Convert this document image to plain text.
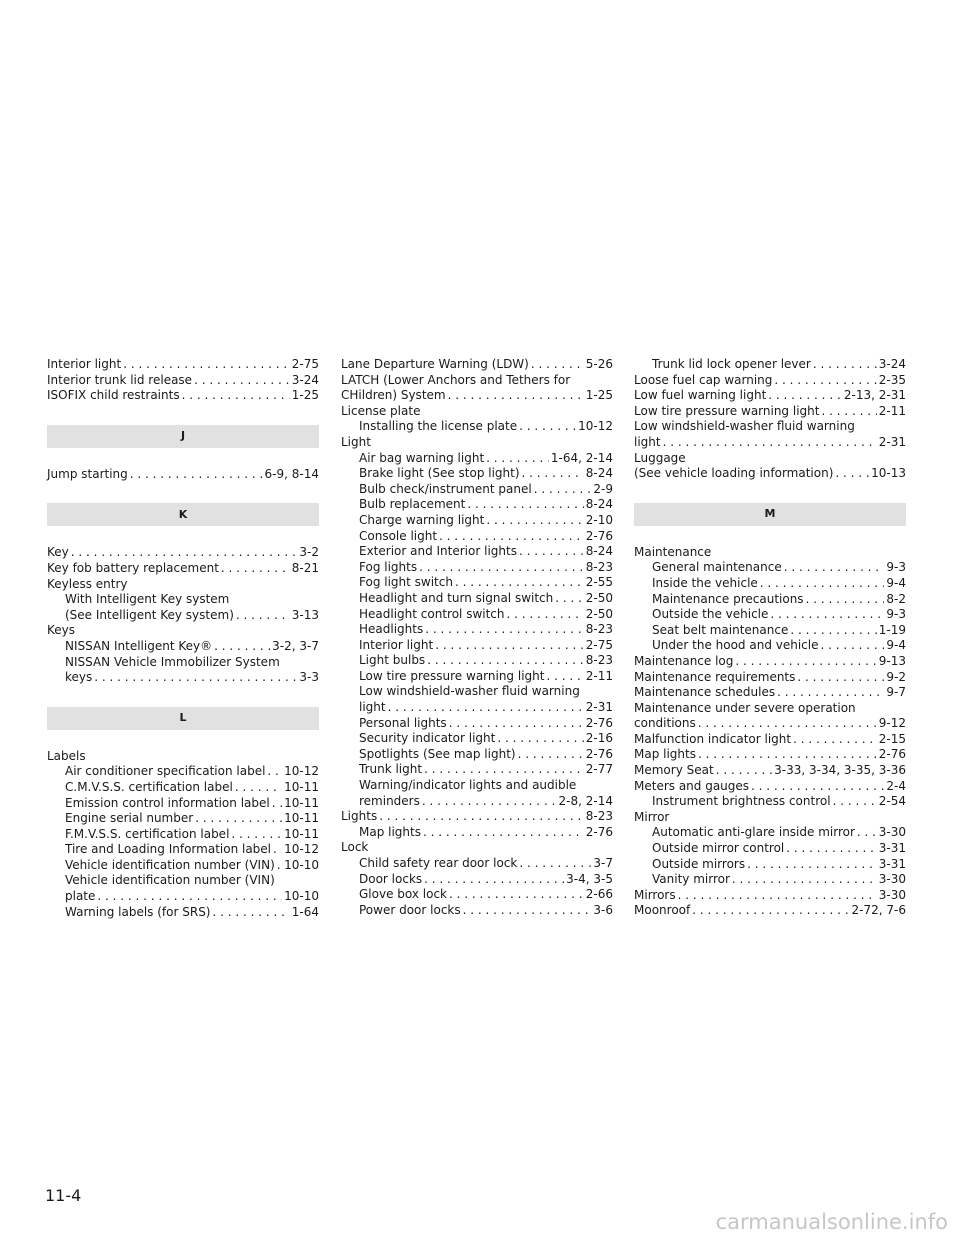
Interior light . . .	2-75
Interior trunk lid release . . .	3-24
ISOFIX child restraints . . .	1-25
J
Jump starting . . .	6-9, 8-14
K
Key . . .	3-2
Key fob battery replacement . . .	8-21
Keyless entry
With Intelligent Key system
(See Intelligent Key system) . . .	3-13
Keys
NISSAN Intelligent Key® . . .	3-2, 3-7
NISSAN Vehicle Immobilizer System
keys . . .	3-3
L
Labels
Air conditioner specification label . . . 10-12
C.M.V.S.S. certification label . . .	10-11
Emission control information label . . . 10-11
Engine serial number . . .	10-11
F.M.V.S.S. certification label . . .	10-11
Tire and Loading Information label . . . 10-12
Vehicle identification number (VIN) . . . 10-10
Vehicle identification number (VIN)
plate . . .	10-10
Warning labels (for SRS) . . .	1-64
Lane Departure Warning (LDW) . . .	5-26
LATCH (Lower Anchors and Tethers for
CHildren) System . . .	1-25
License plate
Installing the license plate . . .	10-12
Light
Air bag warning light . . .	1-64, 2-14
Brake light (See stop light) . . .	8-24
Bulb check/instrument panel . . .	2-9
Bulb replacement . . .	8-24
Charge warning light . . .	2-10
Console light . . .	2-76
Exterior and Interior lights . . .	8-24
Fog lights . . .	8-23
Fog light switch . . .	2-55
Headlight and turn signal switch . . .	2-50
Headlight control switch . . .	2-50
Headlights . . .	8-23
Interior light . . .	2-75
Light bulbs . . .	8-23
Low tire pressure warning light . . .	2-11
Low windshield-washer fluid warning
light . . .	2-31
Personal lights . . .	2-76
Security indicator light . . .	2-16
Spotlights (See map light) . . .	2-76
Trunk light . . .	2-77
Warning/indicator lights and audible
reminders . . .	2-8, 2-14
Lights . . .	8-23
Map lights . . .	2-76
Lock
Child safety rear door lock . . .	3-7
Door locks . . .	3-4, 3-5
Glove box lock . . .	2-66
Power door locks . . .	3-6
Trunk lid lock opener lever . . .	3-24
Loose fuel cap warning . . .	2-35
Low fuel warning light . . .	2-13, 2-31
Low tire pressure warning light . . .	2-11
Low windshield-washer fluid warning
light . . .	2-31
Luggage
(See vehicle loading information) . . .	10-13
M
Maintenance
General maintenance . . .	9-3
Inside the vehicle . . .	9-4
Maintenance precautions . . .	8-2
Outside the vehicle . . .	9-3
Seat belt maintenance . . .	1-19
Under the hood and vehicle . . .	9-4
Maintenance log . . .	9-13
Maintenance requirements . . .	9-2
Maintenance schedules . . .	9-7
Maintenance under severe operation
conditions . . .	9-12
Malfunction indicator light . . .	2-15
Map lights . . .	2-76
Memory Seat . . .	3-33, 3-34, 3-35, 3-36
Meters and gauges . . .	2-4
Instrument brightness control . . .	2-54
Mirror
Automatic anti-glare inside mirror . . . 3-30
Outside mirror control . . .	3-31
Outside mirrors . . .	3-31
Vanity mirror . . .	3-30
Mirrors . . .	3-30
Moonroof . . .	2-72, 7-6
11-4
carmanualsonline.info
